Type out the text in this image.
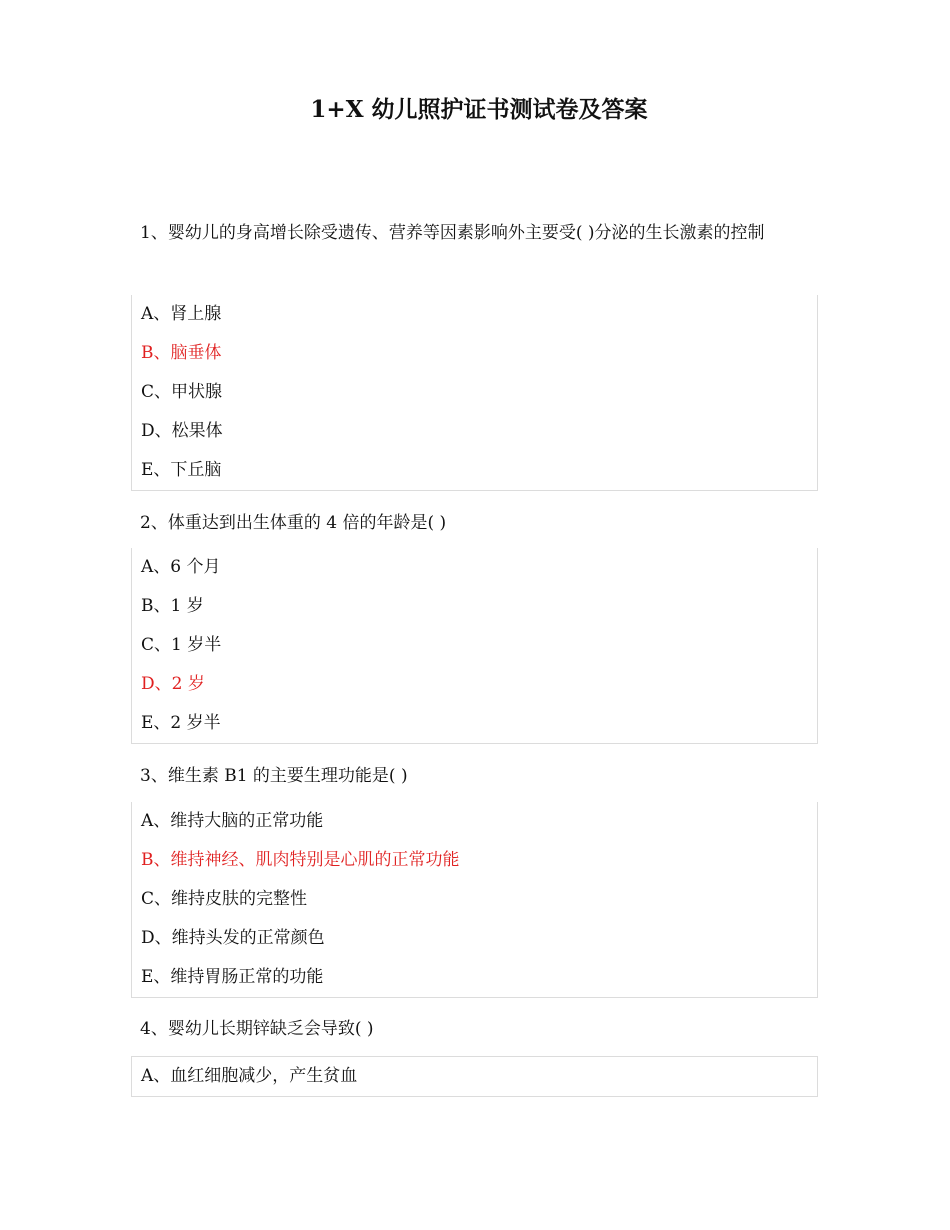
1+X 幼儿照护证书测试卷及答案
1、婴幼儿的身高增长除受遗传、营养等因素影响外主要受( )分泌的生长激素的控制
A、肾上腺
B、脑垂体
C、甲状腺
D、松果体
E、下丘脑
2、体重达到出生体重的 4 倍的年龄是( )
A、6 个月
B、1 岁
C、1 岁半
D、2 岁
E、2 岁半
3、维生素 B1 的主要生理功能是( )
A、维持大脑的正常功能
B、维持神经、肌肉特别是心肌的正常功能
C、维持皮肤的完整性
D、维持头发的正常颜色
E、维持胃肠正常的功能
4、婴幼儿长期锌缺乏会导致( )
A、血红细胞减少，产生贫血
